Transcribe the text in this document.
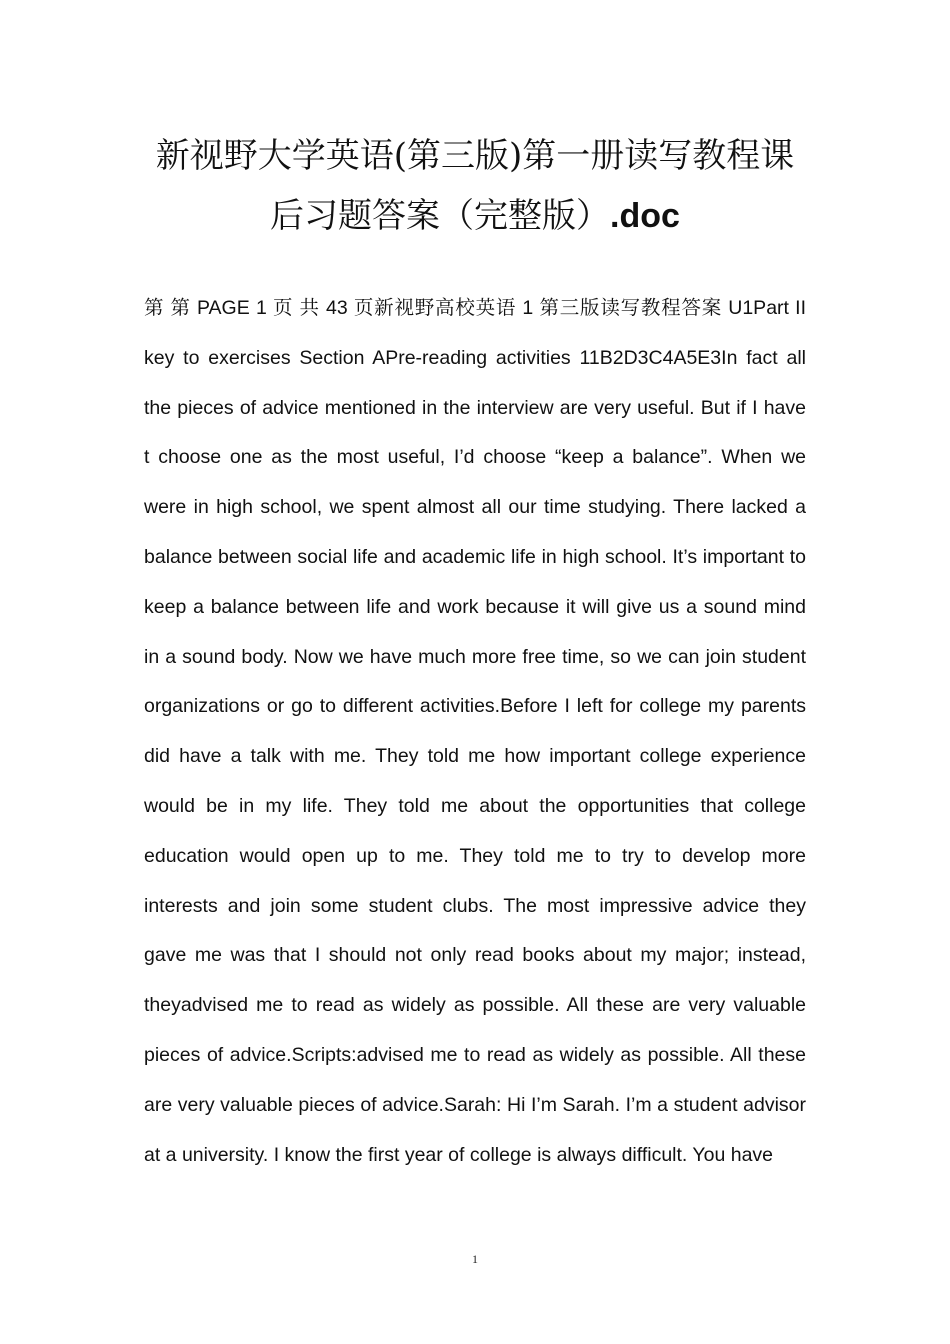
新视野大学英语(第三版)第一册读写教程课
后习题答案（完整版）.doc

第 第 PAGE 1 页 共 43 页新视野高校英语 1 第三版读写教程答案 U1Part II key to exercises Section APre-reading activities 11B2D3C4A5E3In fact all the pieces of advice mentioned in the interview are very useful. But if I have t choose one as the most useful, I’d choose “keep a balance”. When we were in high school, we spent almost all our time studying. There lacked a balance between social life and academic life in high school. It’s important to keep a balance between life and work because it will give us a sound mind in a sound body. Now we have much more free time, so we can join student organizations or go to different activities.Before I left for college my parents did have a talk with me. They told me how important college experience would be in my life. They told me about the opportunities that college education would open up to me. They told me to try to develop more interests and join some student clubs. The most impressive advice they gave me was that I should not only read books about my major; instead, theyadvised me to read as widely as possible. All these are very valuable pieces of advice.Scripts:advised me to read as widely as possible. All these are very valuable pieces of advice.Sarah: Hi I’m Sarah. I’m a student advisor at a university. I know the first year of college is always difficult. You have

1
